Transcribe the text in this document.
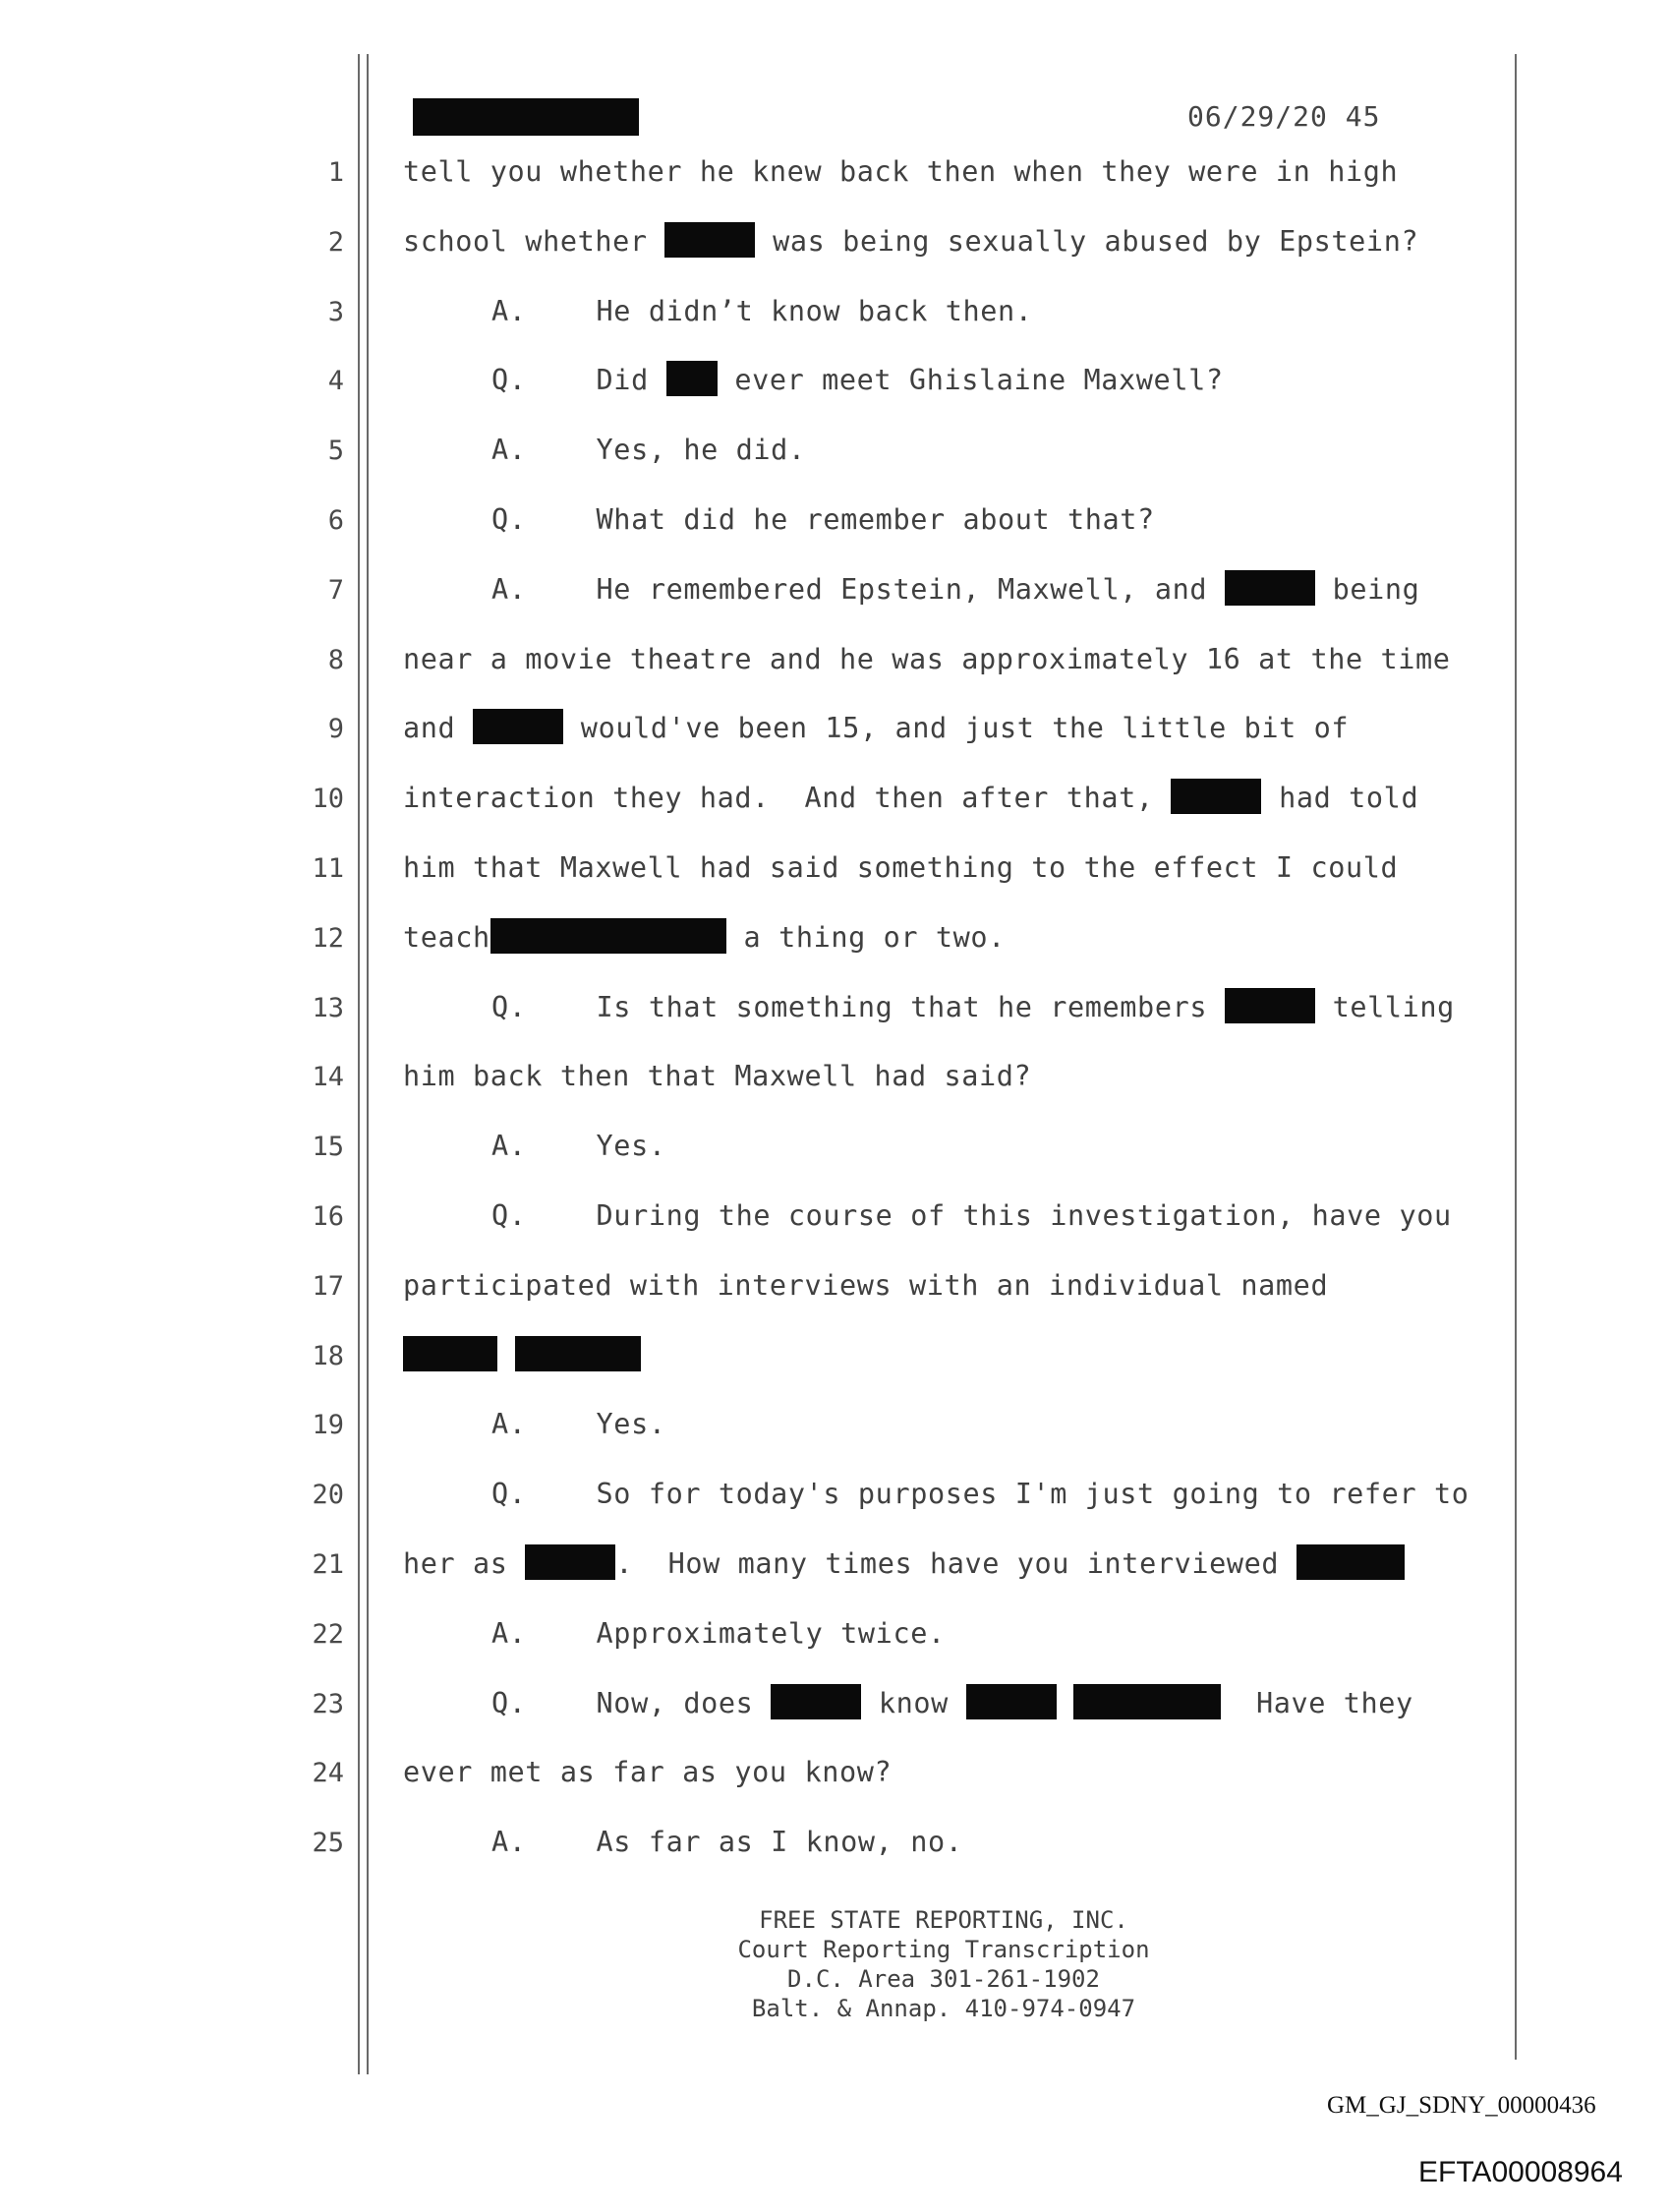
06/29/20 45
1 tell you whether he knew back then when they were in high
2 school whether	was being sexually abused by Epstein?
3	A.    He didn’t know back then.
4	Q.    Did  ever meet Ghislaine Maxwell?
5	A.    Yes, he did.
6	Q.    What did he remember about that?
7	A.    He remembered Epstein, Maxwell, and	being
8 near a movie theatre and he was approximately 16 at the time
9 and	would've been 15, and just the little bit of
10 interaction they had.  And then after that,	had told
11 him that Maxwell had said something to the effect I could
12 teach	a thing or two.
13	Q.    Is that something that he remembers	telling
14 him back then that Maxwell had said?
15	A.    Yes.
16	Q.    During the course of this investigation, have you
17 participated with interviews with an individual named
18

19	A.    Yes.
20	Q.    So for today's purposes I'm just going to refer to
21 her as	.  How many times have you interviewed
22	A.    Approximately twice.
23	Q.    Now, does	know	Have they
24 ever met as far as you know?
25	A.    As far as I know, no.
FREE STATE REPORTING, INC.
Court Reporting Transcription
D.C. Area 301-261-1902
Balt. & Annap. 410-974-0947
GM_GJ_SDNY_00000436
EFTA00008964
